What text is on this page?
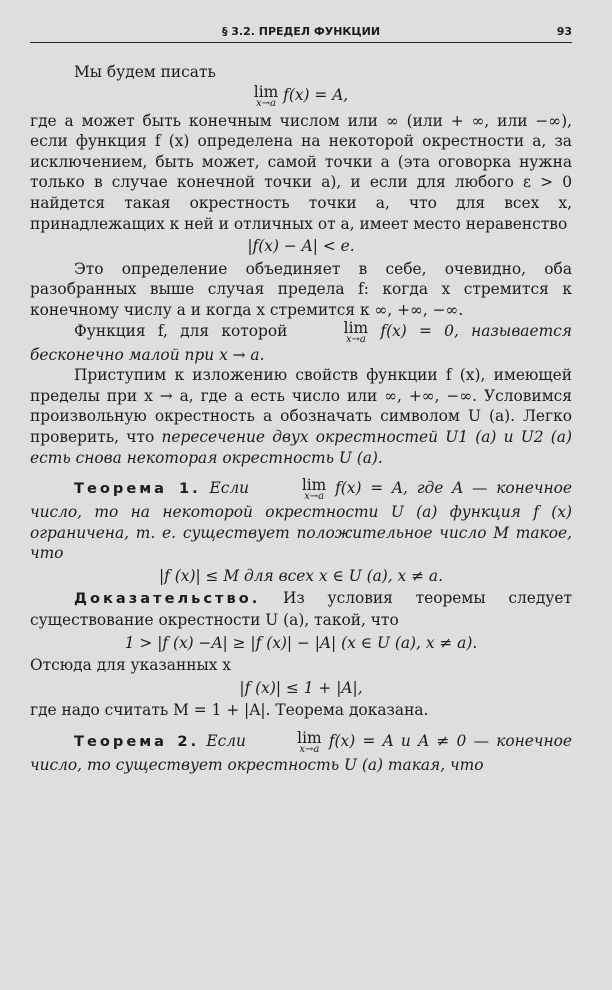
§ 3.2. ПРЕДЕЛ ФУНКЦИИ	93

Мы будем писать

lim
x→a f(x) = A,

где a может быть конечным числом или ∞ (или + ∞, или −∞), если функция f (x) определена на некоторой окрестности a, за исключением, быть может, самой точки a (эта оговорка нужна только в случае конечной точки a), и если для любого ε > 0 найдется такая окрестность точки a, что для всех x, принадлежащих к ней и отличных от a, имеет место неравенство

|f(x) − A| < e.

Это определение объединяет в себе, очевидно, оба разобранных выше случая предела f: когда x стремится к конечному числу a и когда x стремится к ∞, +∞, −∞.

Функция f, для которой	lim
x→a f(x) = 0, называется бесконечно малой при x → a.

Приступим к изложению свойств функции f (x), имеющей пределы при x → a, где a есть число или ∞, +∞, −∞. Условимся произвольную окрестность a обозначать символом U (a). Легко проверить, что пересечение двух окрестностей U1 (a) и U2 (a) есть снова некоторая окрестность U (a).

Теорема 1. Если	lim
x→a f(x) = A, где A — конечное число, то на некоторой окрестности U (a) функция f (x) ограничена, т. е. существует положительное число M такое, что

|f (x)| ≤ M для всех x ∈ U (a), x ≠ a.

Доказательство. Из условия теоремы следует существование окрестности U (a), такой, что

1 > |f (x) −A| ≥ |f (x)| − |A| (x ∈ U (a), x ≠ a).

Отсюда для указанных x

|f (x)| ≤ 1 + |A|,

где надо считать M = 1 + |A|. Теорема доказана.

Теорема 2. Если	lim
x→a f(x) = A и A ≠ 0 — конечное число, то существует окрестность U (a) такая, что
